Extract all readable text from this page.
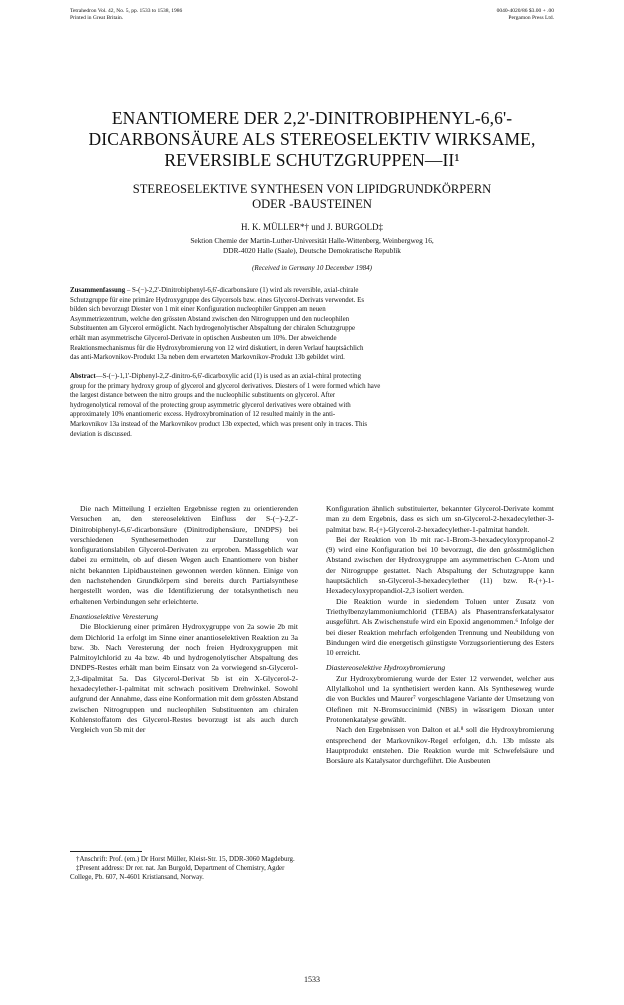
Tetrahedron Vol. 42, No. 5, pp. 1533 to 1538, 1986
Printed in Great Britain.
0040-4020/86 $3.00 + .00
Pergamon Press Ltd.
ENANTIOMERE DER 2,2'-DINITROBIPHENYL-6,6'-
DICARBONSÄURE ALS STEREOSELEKTIV WIRKSAME,
REVERSIBLE SCHUTZGRUPPEN—II¹
STEREOSELEKTIVE SYNTHESEN VON LIPIDGRUNDKÖRPERN
ODER -BAUSTEINEN
H. K. MÜLLER*† und J. BURGOLD‡
Sektion Chemie der Martin-Luther-Universität Halle-Wittenberg, Weinbergweg 16,
DDR-4020 Halle (Saale), Deutsche Demokratische Republik
(Received in Germany 10 December 1984)
Zusammenfassung – S-(−)-2,2'-Dinitrobiphenyl-6,6'-dicarbonsäure (1) wird als reversible, axial-chirale
Schutzgruppe für eine primäre Hydroxygruppe des Glycersols bzw. eines Glycerol-Derivats verwendet. Es
bilden sich bevorzugt Diester von 1 mit einer Konfiguration nucleophiler Gruppen am neuen
Asymmetriezentrum, welche den grössten Abstand zwischen den Nitrogruppen und den nucleophilen
Substituenten am Glycerol ermöglicht. Nach hydrogenolytischer Abspaltung der chiralen Schutzgruppe
erhält man asymmetrische Glycerol-Derivate in optischen Ausbeuten um 10%. Der abweichende
Reaktionsmechanismus für die Hydroxybromierung von 12 wird diskutiert, in deren Verlauf hauptsächlich
das anti-Markovnikov-Produkt 13a neben dem erwarteten Markovnikov-Produkt 13b gebildet wird.
Abstract—S-(−)-1,1'-Diphenyl-2,2'-dinitro-6,6'-dicarboxylic acid (1) is used as an axial-chiral protecting
group for the primary hydroxy group of glycerol and glycerol derivatives. Diesters of 1 were formed which have
the largest distance between the nitro groups and the nucleophilic substituents on glycerol. After
hydrogenolytical removal of the protecting group asymmetric glycerol derivatives were obtained with
approximately 10% enantiomeric excess. Hydroxybromination of 12 resulted mainly in the anti-
Markovnikov 13a instead of the Markovnikov product 13b expected, which was present only in traces. This
deviation is discussed.

Die nach Mitteilung I erzielten Ergebnisse regten zu orientierenden Versuchen an, den stereoselektiven Einfluss der S-(−)-2,2'-Dinitrobiphenyl-6,6'-dicarbonsäure (Dinitrodiphensäure, DNDPS) bei verschiedenen Synthesemethoden zur Darstellung von konfigurationslabilen Glycerol-Derivaten zu erproben. Massgeblich war dabei zu ermitteln, ob auf diesen Wegen auch Enantiomere von bisher nicht bekannten Lipidbausteinen gewonnen werden können. Einige von den nachstehenden Grundkörpern sind bereits durch Partialsynthese hergestellt worden, was die Identifizierung der totalsynthetisch neu erhaltenen Verbindungen sehr erleichterte.

Enantioselektive Veresterung

Die Blockierung einer primären Hydroxygruppe von 2a sowie 2b mit dem Dichlorid 1a erfolgt im Sinne einer anantioselektiven Reaktion zu 3a bzw. 3b. Nach Veresterung der noch freien Hydroxygruppen mit Palmitoylchlorid zu 4a bzw. 4b und hydrogenolytischer Abspaltung des DNDPS-Restes erhält man beim Einsatz von 2a vorwiegend sn-Glycerol-2,3-dipalmitat 5a. Das Glycerol-Derivat 5b ist ein X-Glycerol-2-hexadecylether-1-palmitat mit schwach positivem Drehwinkel. Sowohl aufgrund der Annahme, dass eine Konformation mit dem grössten Abstand zwischen Nitrogruppen und nucleophilen Substituenten am chiralen Kohlenstoffatom des Glycerol-Restes bevorzugt ist als auch durch Vergleich von 5b mit der

Konfiguration ähnlich substituierter, bekannter Glycerol-Derivate kommt man zu dem Ergebnis, dass es sich um sn-Glycerol-2-hexadecylether-3-palmitat bzw. R-(+)-Glycerol-2-hexadecylether-1-palmitat handelt.

Bei der Reaktion von 1b mit rac-1-Brom-3-hexadecyloxypropanol-2 (9) wird eine Konfiguration bei 10 bevorzugt, die den grösstmöglichen Abstand zwischen der Hydroxygruppe am asymmetrischen C-Atom und der Nitrogruppe gestattet. Nach Abspaltung der Schutzgruppe kann hauptsächlich sn-Glycerol-3-hexadecylether (11) bzw. R-(+)-1-Hexadecyloxypropandiol-2,3 isoliert werden.

Die Reaktion wurde in siedendem Toluen unter Zusatz von Triethylbenzylammoniumchlorid (TEBA) als Phasentransferkatalysator ausgeführt. Als Zwischenstufe wird ein Epoxid angenommen.⁶ Infolge der bei dieser Reaktion mehrfach erfolgenden Trennung und Neubildung von Bindungen wird die energetisch günstigste Vorzugsorientierung des Esters 10 erreicht.

Diastereoselektive Hydroxybromierung

Zur Hydroxybromierung wurde der Ester 12 verwendet, welcher aus Allylalkohol und 1a synthetisiert werden kann. Als Syntheseweg wurde die von Buckles und Maurer⁷ vorgeschlagene Variante der Umsetzung von Olefinen mit N-Bromsuccinimid (NBS) in wässrigem Dioxan unter Protonenkatalyse gewählt.

Nach den Ergebnissen von Dalton et al.⁸ soll die Hydroxybromierung entsprechend der Markovnikov-Regel erfolgen, d.h. 13b müsste als Hauptprodukt entstehen. Die Reaktion wurde mit Schwefelsäure und Borsäure als Katalysator durchgeführt. Die Ausbeuten

†Anschrift: Prof. (em.) Dr Horst Müller, Kleist-Str. 15, DDR-3060 Magdeburg.
‡Present address: Dr rer. nat. Jan Burgold, Department of Chemistry, Agder College, Pb. 607, N-4601 Kristiansand, Norway.
1533
